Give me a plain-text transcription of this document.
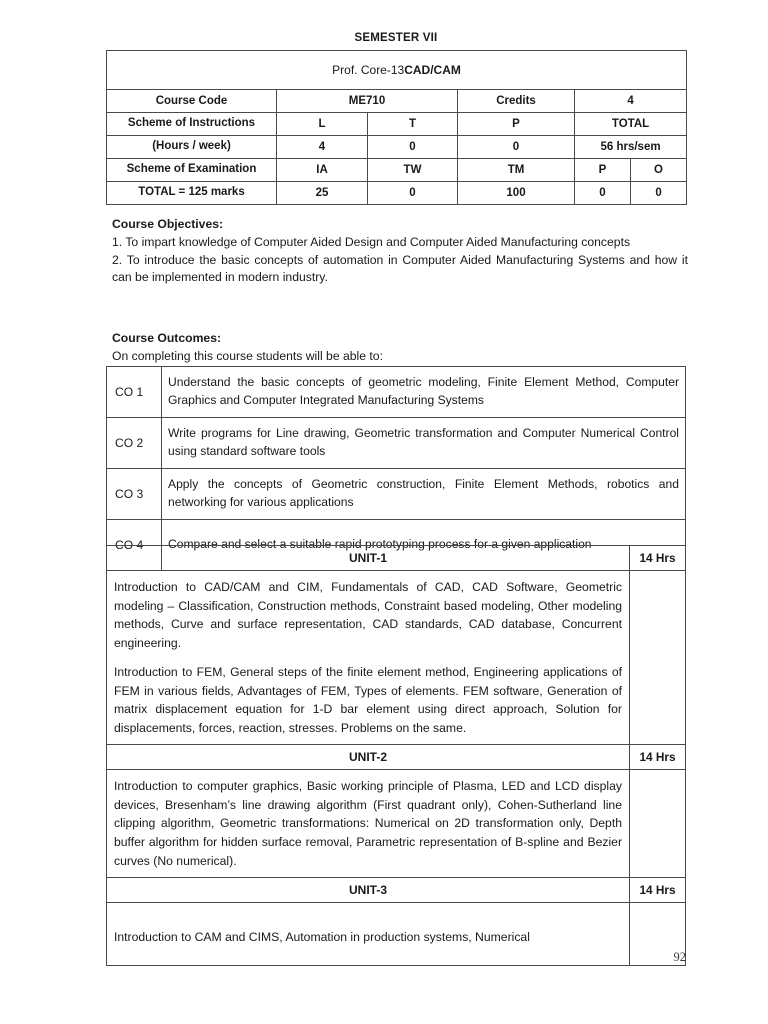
SEMESTER VII
Prof. Core-13CAD/CAM					
Course Code	ME710		Credits	4	
Scheme of Instructions	L	T	P	TOTAL	
(Hours / week)	4	0	0	56 hrs/sem	
Scheme of Examination	IA	TW	TM	P	O
TOTAL = 125 marks	25	0	100	0	0

Course Objectives:

1. To impart knowledge of Computer Aided Design and Computer Aided Manufacturing concepts

2. To introduce the basic concepts of automation in Computer Aided Manufacturing Systems and how it can be implemented in modern industry.

Course Outcomes:

On completing this course students will be able to:

CO 1	Understand the basic concepts of geometric modeling, Finite Element Method, Computer Graphics and Computer Integrated Manufacturing Systems
CO 2	Write programs for Line drawing, Geometric transformation and Computer Numerical Control using standard software tools
CO 3	Apply the concepts of Geometric construction, Finite Element Methods, robotics and networking for various applications
CO 4	Compare and select a suitable rapid prototyping process for a given application
UNIT-1	14 Hrs

Introduction to CAD/CAM and CIM, Fundamentals of CAD, CAD Software, Geometric modeling – Classification, Construction methods, Constraint based modeling, Other modeling methods, Curve and surface representation, CAD standards, CAD database, Concurrent engineering.

Introduction to FEM, General steps of the finite element method, Engineering applications of FEM in various fields, Advantages of FEM, Types of elements. FEM software, Generation of matrix displacement equation for 1-D bar element using direct approach, Solution for displacements, forces, reaction, stresses. Problems on the same.	

UNIT-2	14 Hrs

Introduction to computer graphics, Basic working principle of Plasma, LED and LCD display devices, Bresenham’s line drawing algorithm (First quadrant only), Cohen-Sutherland line clipping algorithm, Geometric transformations: Numerical on 2D transformation only, Depth buffer algorithm for hidden surface removal, Parametric representation of B-spline and Bezier curves (No numerical).	

UNIT-3	14 Hrs

Introduction to CAM and CIMS, Automation in production systems, Numerical	

92
